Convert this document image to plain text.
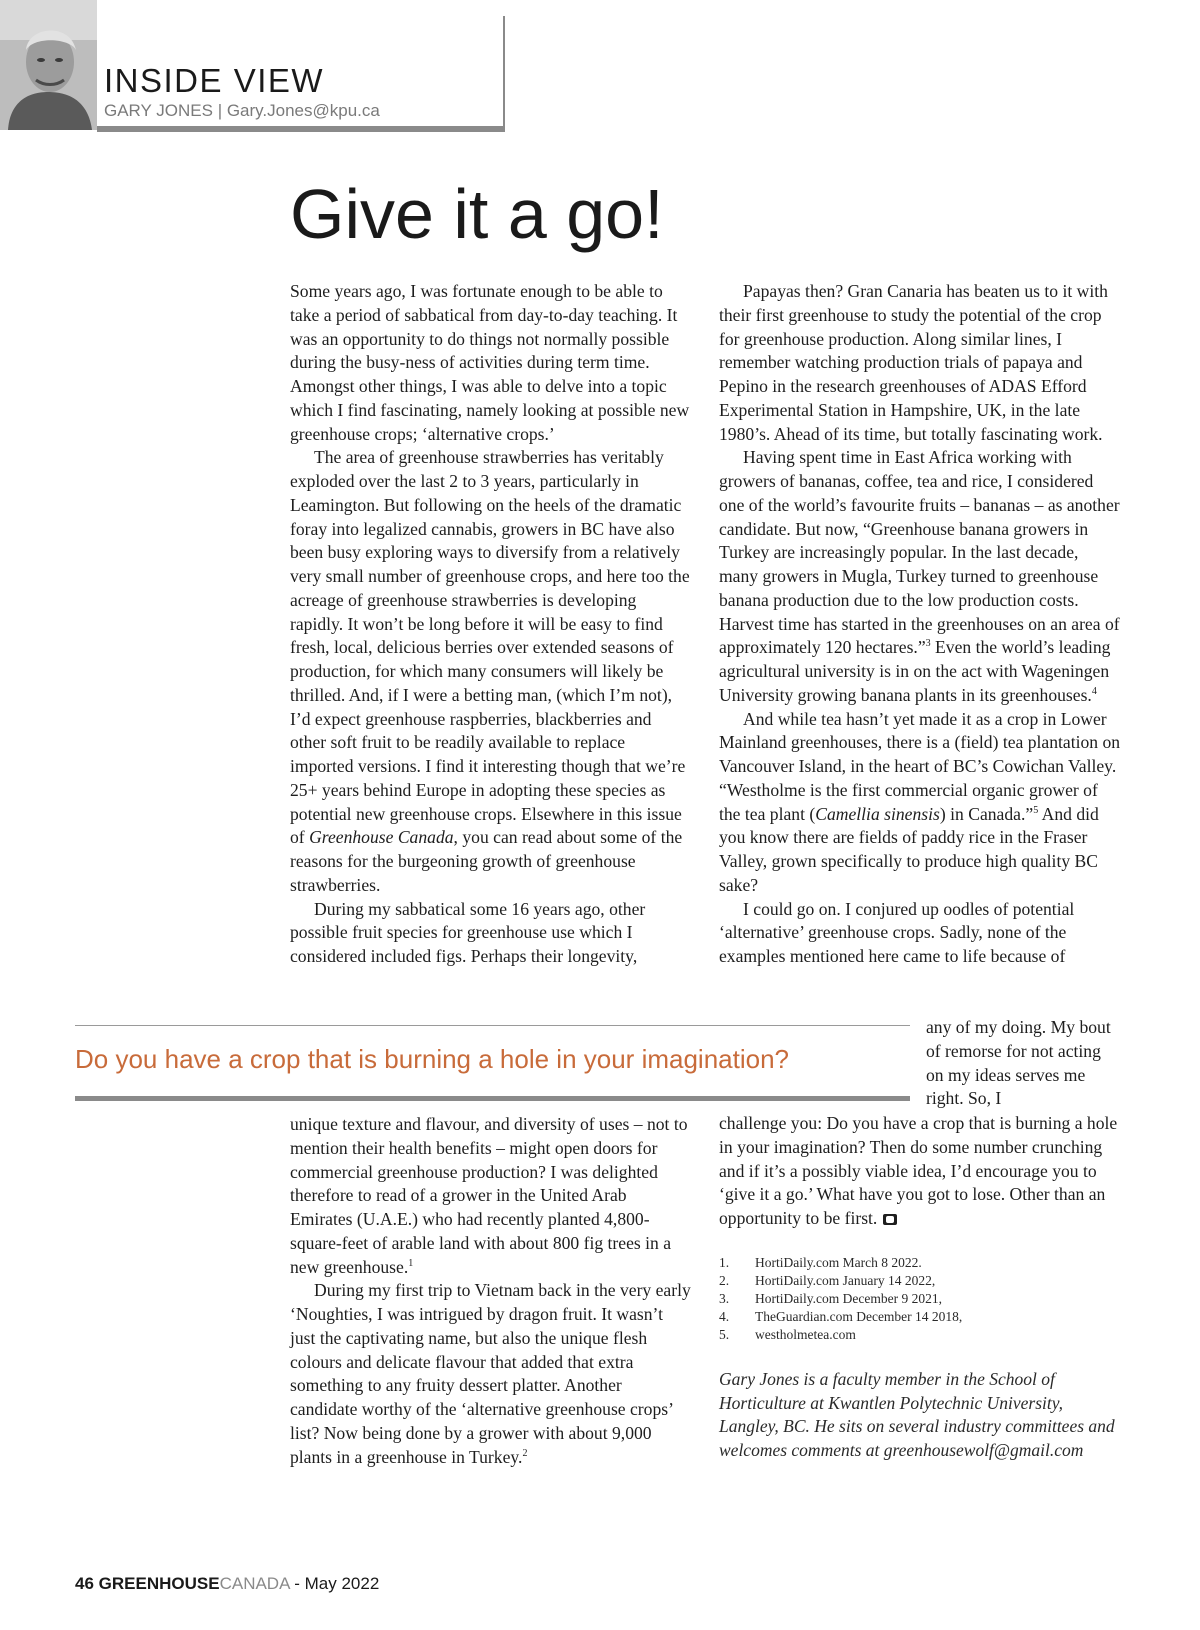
INSIDE VIEW
GARY JONES | Gary.Jones@kpu.ca
Give it a go!

Some years ago, I was fortunate enough to be able to take a period of sabbatical from day-to-day teaching. It was an opportunity to do things not normally possible during the busy-ness of activities during term time. Amongst other things, I was able to delve into a topic which I find fascinating, namely looking at possible new greenhouse crops; ‘alternative crops.’

The area of greenhouse strawberries has veritably exploded over the last 2 to 3 years, particularly in Leamington. But following on the heels of the dramatic foray into legalized cannabis, growers in BC have also been busy exploring ways to diversify from a relatively very small number of greenhouse crops, and here too the acreage of greenhouse strawberries is developing rapidly. It won’t be long before it will be easy to find fresh, local, delicious berries over extended seasons of production, for which many consumers will likely be thrilled. And, if I were a betting man, (which I’m not), I’d expect greenhouse raspberries, blackberries and other soft fruit to be readily available to replace imported versions. I find it interesting though that we’re 25+ years behind Europe in adopting these species as potential new greenhouse crops. Elsewhere in this issue of Greenhouse Canada, you can read about some of the reasons for the burgeoning growth of greenhouse strawberries.

During my sabbatical some 16 years ago, other possible fruit species for greenhouse use which I considered included figs. Perhaps their longevity,

Do you have a crop that is burning a hole in your imagination?

unique texture and flavour, and diversity of uses – not to mention their health benefits – might open doors for commercial greenhouse production? I was delighted therefore to read of a grower in the United Arab Emirates (U.A.E.) who had recently planted 4,800-square-feet of arable land with about 800 fig trees in a new greenhouse.$^1$

During my first trip to Vietnam back in the very early ‘Noughties, I was intrigued by dragon fruit. It wasn’t just the captivating name, but also the unique flesh colours and delicate flavour that added that extra something to any fruity dessert platter. Another candidate worthy of the ‘alternative greenhouse crops’ list? Now being done by a grower with about 9,000 plants in a greenhouse in Turkey.$^2$

Papayas then? Gran Canaria has beaten us to it with their first greenhouse to study the potential of the crop for greenhouse production. Along similar lines, I remember watching production trials of papaya and Pepino in the research greenhouses of ADAS Efford Experimental Station in Hampshire, UK, in the late 1980’s. Ahead of its time, but totally fascinating work.

Having spent time in East Africa working with growers of bananas, coffee, tea and rice, I considered one of the world’s favourite fruits – bananas – as another candidate. But now, “Greenhouse banana growers in Turkey are increasingly popular. In the last decade, many growers in Mugla, Turkey turned to greenhouse banana production due to the low production costs. Harvest time has started in the greenhouses on an area of approximately 120 hectares.”$^3$ Even the world’s leading agricultural university is in on the act with Wageningen University growing banana plants in its greenhouses.$^4$

And while tea hasn’t yet made it as a crop in Lower Mainland greenhouses, there is a (field) tea plantation on Vancouver Island, in the heart of BC’s Cowichan Valley. “Westholme is the first commercial organic grower of the tea plant (Camellia sinensis) in Canada.”$^5$ And did you know there are fields of paddy rice in the Fraser Valley, grown specifically to produce high quality BC sake?

I could go on. I conjured up oodles of potential ‘alternative’ greenhouse crops. Sadly, none of the examples mentioned here came to life because of

any of my doing. My bout of remorse for not acting on my ideas serves me right. So, I

challenge you: Do you have a crop that is burning a hole in your imagination? Then do some number crunching and if it’s a possibly viable idea, I’d encourage you to ‘give it a go.’ What have you got to lose. Other than an opportunity to be first.

1.	HortiDaily.com March 8 2022.
2.	HortiDaily.com January 14 2022,
3.	HortiDaily.com December 9 2021,
4.	TheGuardian.com December 14 2018,
5.	westholmetea.com
Gary Jones is a faculty member in the School of Horticulture at Kwantlen Polytechnic University, Langley, BC. He sits on several industry committees and welcomes comments at greenhousewolf@gmail.com
46 GREENHOUSECANADA - May 2022
